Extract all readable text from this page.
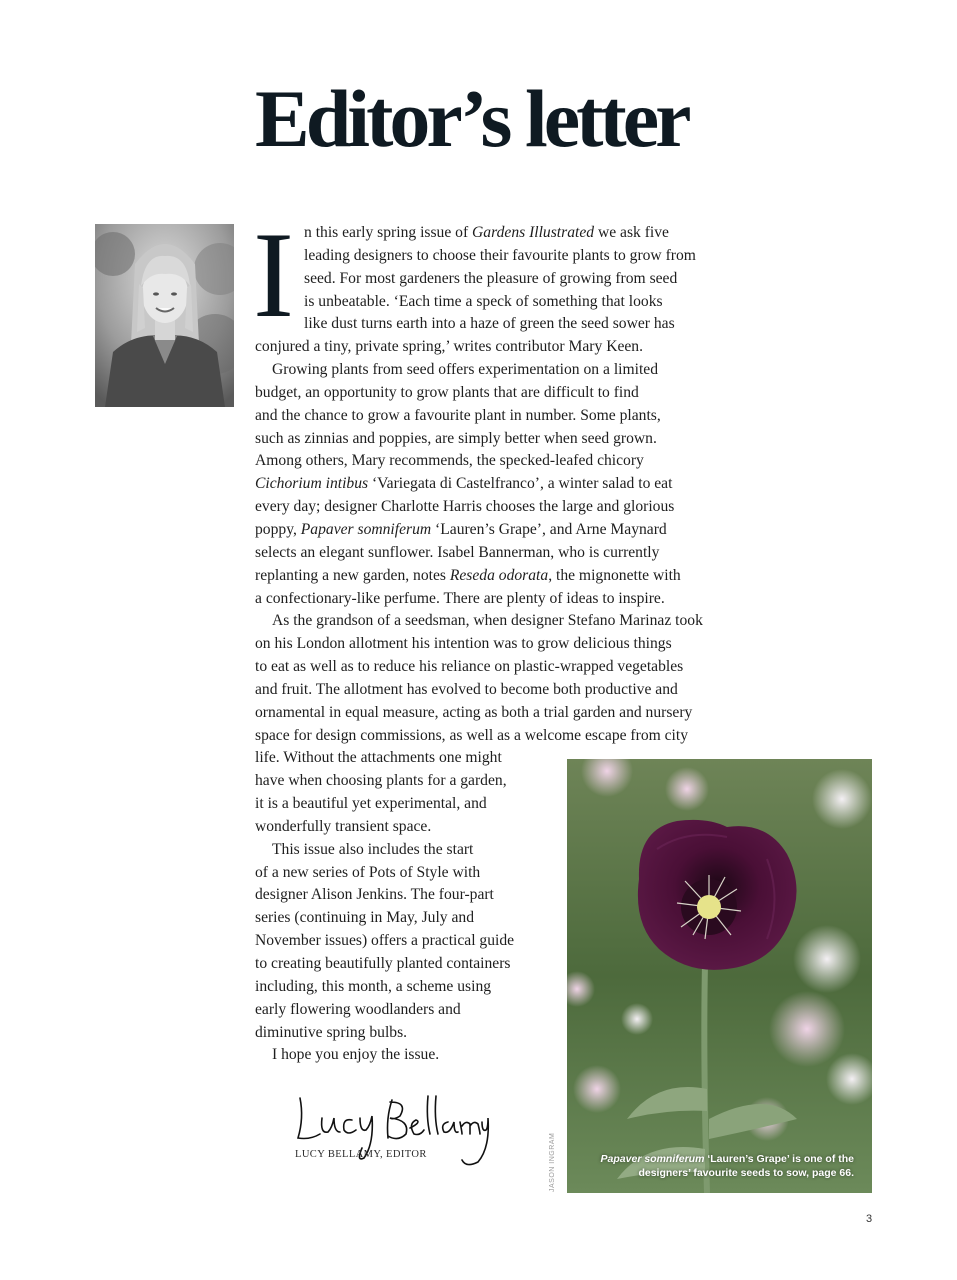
Editor’s letter
I n this early spring issue of Gardens Illustrated we ask five
leading designers to choose their favourite plants to grow from
seed. For most gardeners the pleasure of growing from seed
is unbeatable. ‘Each time a speck of something that looks
like dust turns earth into a haze of green the seed sower has
conjured a tiny, private spring,’ writes contributor Mary Keen.
Growing plants from seed offers experimentation on a limited
budget, an opportunity to grow plants that are difficult to find
and the chance to grow a favourite plant in number. Some plants,
such as zinnias and poppies, are simply better when seed grown.
Among others, Mary recommends, the specked-leafed chicory
Cichorium intibus ‘Variegata di Castelfranco’, a winter salad to eat
every day; designer Charlotte Harris chooses the large and glorious
poppy, Papaver somniferum ‘Lauren’s Grape’, and Arne Maynard
selects an elegant sunflower. Isabel Bannerman, who is currently
replanting a new garden, notes Reseda odorata, the mignonette with
a confectionary-like perfume. There are plenty of ideas to inspire.
As the grandson of a seedsman, when designer Stefano Marinaz took
on his London allotment his intention was to grow delicious things
to eat as well as to reduce his reliance on plastic-wrapped vegetables
and fruit. The allotment has evolved to become both productive and
ornamental in equal measure, acting as both a trial garden and nursery
space for design commissions, as well as a welcome escape from city
life. Without the attachments one might
have when choosing plants for a garden,
it is a beautiful yet experimental, and
wonderfully transient space.
This issue also includes the start
of a new series of Pots of Style with
designer Alison Jenkins. The four-part
series (continuing in May, July and
November issues) offers a practical guide
to creating beautifully planted containers
including, this month, a scheme using
early flowering woodlanders and
diminutive spring bulbs.
I hope you enjoy the issue.
Papaver somniferum ‘Lauren’s Grape’ is one of the designers’ favourite seeds to sow, page 66.
JASON INGRAM
LUCY BELLAMY, EDITOR
3
